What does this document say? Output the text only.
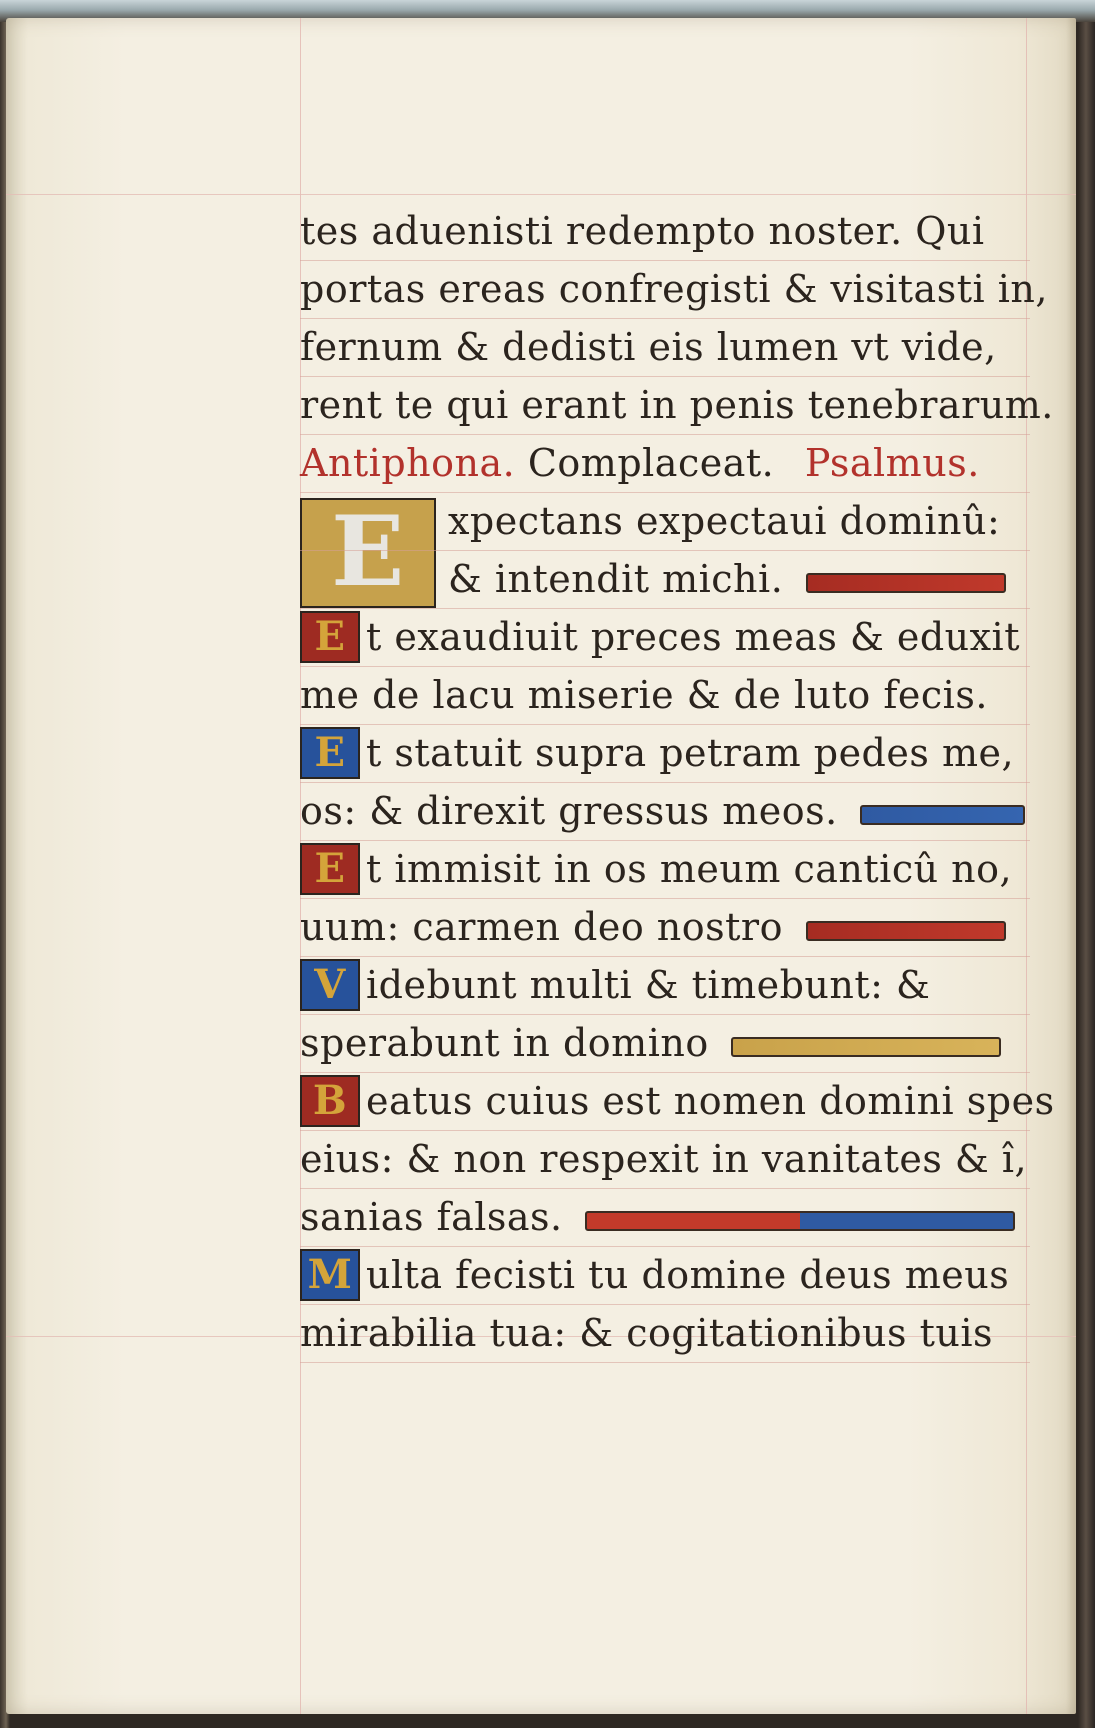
tes aduenisti redempto noster. Qui
portas ereas confregisti & visitasti in,
fernum & dedisti eis lumen vt vide,
rent te qui erant in penis tenebrarum.
Antiphona. Complaceat. Psalmus.
E	xpectans expectaui dominû:
& intendit michi.
E t exaudiuit preces meas & eduxit
me de lacu miserie & de luto fecis.
E t statuit supra petram pedes me,
os: & direxit gressus meos.
E t immisit in os meum canticû no,
uum: carmen deo nostro
V idebunt multi & timebunt: &
sperabunt in domino
B eatus cuius est nomen domini spes
eius: & non respexit in vanitates & î,
sanias falsas.
M ulta fecisti tu domine deus meus
mirabilia tua: & cogitationibus tuis
